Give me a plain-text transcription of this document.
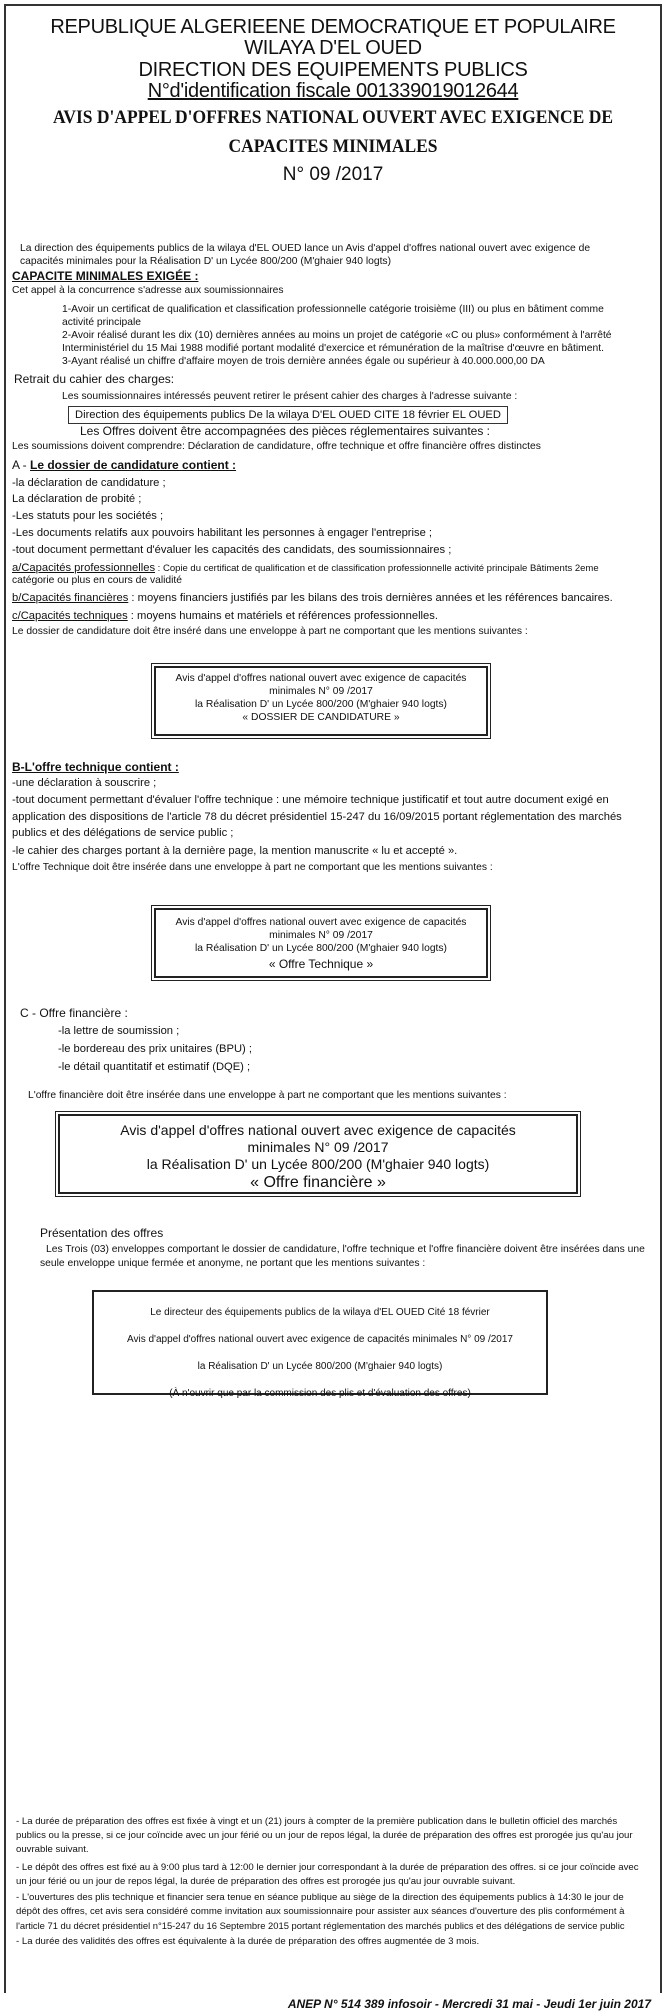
REPUBLIQUE ALGERIEENE DEMOCRATIQUE ET POPULAIRE
WILAYA D'EL OUED
DIRECTION DES EQUIPEMENTS PUBLICS
N°d'identification fiscale 001339019012644
AVIS D'APPEL D'OFFRES NATIONAL OUVERT AVEC EXIGENCE DE
CAPACITES MINIMALES
N° 09 /2017
La direction des équipements publics de la wilaya d'EL OUED lance un Avis d'appel d'offres national ouvert avec exigence de
capacités minimales pour la Réalisation D' un Lycée 800/200 (M'ghaier 940 logts)
CAPACITE MINIMALES EXIGÉE :
Cet appel à la concurrence s'adresse aux soumissionnaires
1-Avoir un certificat de qualification et classification professionnelle catégorie troisième (III) ou plus en bâtiment comme
activité principale
2-Avoir réalisé durant les dix (10) dernières années au moins un projet de catégorie «C ou plus» conformément à l'arrêté
Interministériel du 15 Mai 1988 modifié portant modalité d'exercice et rémunération de la maîtrise d'œuvre en bâtiment.
3-Ayant réalisé un chiffre d'affaire moyen de trois dernière années égale ou supérieur à 40.000.000,00 DA
Retrait du cahier des charges:
Les soumissionnaires intéressés peuvent retirer le présent cahier des charges à l'adresse suivante :
Direction des équipements publics De la wilaya D'EL OUED CITE 18 février EL OUED
Les Offres doivent être accompagnées des pièces réglementaires suivantes :
Les soumissions doivent comprendre: Déclaration de candidature, offre technique et offre financière offres distinctes
A - Le dossier de candidature contient :
-la déclaration de candidature ;
La déclaration de probité ;
-Les statuts pour les sociétés ;
-Les documents relatifs aux pouvoirs habilitant les personnes à engager l'entreprise ;
-tout document permettant d'évaluer les capacités des candidats, des soumissionnaires ;
a/Capacités professionnelles : Copie du certificat de qualification et de classification professionnelle activité principale Bâtiments 2eme
catégorie ou plus en cours de validité
b/Capacités financières : moyens financiers justifiés par les bilans des trois dernières années et les références bancaires.
c/Capacités techniques : moyens humains et matériels et références professionnelles.
Le dossier de candidature doit être inséré dans une enveloppe à part ne comportant que les mentions suivantes :
Avis d'appel d'offres national ouvert avec exigence de capacités
minimales N° 09 /2017
la Réalisation D' un Lycée 800/200 (M'ghaier 940 logts)
« DOSSIER DE CANDIDATURE »
B-L'offre technique contient :
-une déclaration à souscrire ;
-tout document permettant d'évaluer l'offre technique : une mémoire technique justificatif et tout autre document exigé en
application des dispositions de l'article 78 du décret présidentiel 15-247 du 16/09/2015 portant réglementation des marchés
publics et des délégations de service public ;
-le cahier des charges portant à la dernière page, la mention manuscrite « lu et accepté ».
L'offre Technique doit être insérée dans une enveloppe à part ne comportant que les mentions suivantes :
Avis d'appel d'offres national ouvert avec exigence de capacités
minimales N° 09 /2017
la Réalisation D' un Lycée 800/200 (M'ghaier 940 logts)
« Offre Technique »
C - Offre financière :
-la lettre de soumission ;
-le bordereau des prix unitaires (BPU) ;
-le détail quantitatif et estimatif (DQE) ;
L'offre financière doit être insérée dans une enveloppe à part ne comportant que les mentions suivantes :
Avis d'appel d'offres national ouvert avec exigence de capacités
minimales N° 09 /2017
la Réalisation D' un Lycée 800/200 (M'ghaier 940 logts)
« Offre financière »
Présentation des offres
Les Trois (03) enveloppes comportant le dossier de candidature, l'offre technique et l'offre financière doivent être insérées dans une
seule enveloppe unique fermée et anonyme, ne portant que les mentions suivantes :
Le directeur des équipements publics de la wilaya d'EL OUED Cité 18 février
Avis d'appel d'offres national ouvert avec exigence de capacités minimales N° 09 /2017
la Réalisation D' un Lycée 800/200 (M'ghaier 940 logts)
(À n'ouvrir que par la commission des plis et d'évaluation des offres)
- La durée de préparation des offres est fixée à vingt et un (21) jours à compter de la première publication dans le bulletin officiel des marchés
publics ou la presse, si ce jour coïncide avec un jour férié ou un jour de repos légal, la durée de préparation des offres est prorogée jus qu'au jour
ouvrable suivant.
- Le dépôt des offres est fixé au à 9:00 plus tard à 12:00 le dernier jour correspondant à la durée de préparation des offres. si ce jour coïncide avec
un jour férié ou un jour de repos légal, la durée de préparation des offres est prorogée jus qu'au jour ouvrable suivant.
- L'ouvertures des plis technique et financier sera tenue en séance publique au siège de la direction des équipements publics à 14:30 le jour de
dépôt des offres, cet avis sera considéré comme invitation aux soumissionnaire pour assister aux séances d'ouverture des plis conformément à
l'article 71 du décret présidentiel n°15-247 du 16 Septembre 2015 portant réglementation des marchés publics et des délégations de service public
- La durée des validités des offres est équivalente à la durée de préparation des offres augmentée de 3 mois.
ANEP N° 514 389 infosoir - Mercredi 31 mai - Jeudi 1er juin 2017
